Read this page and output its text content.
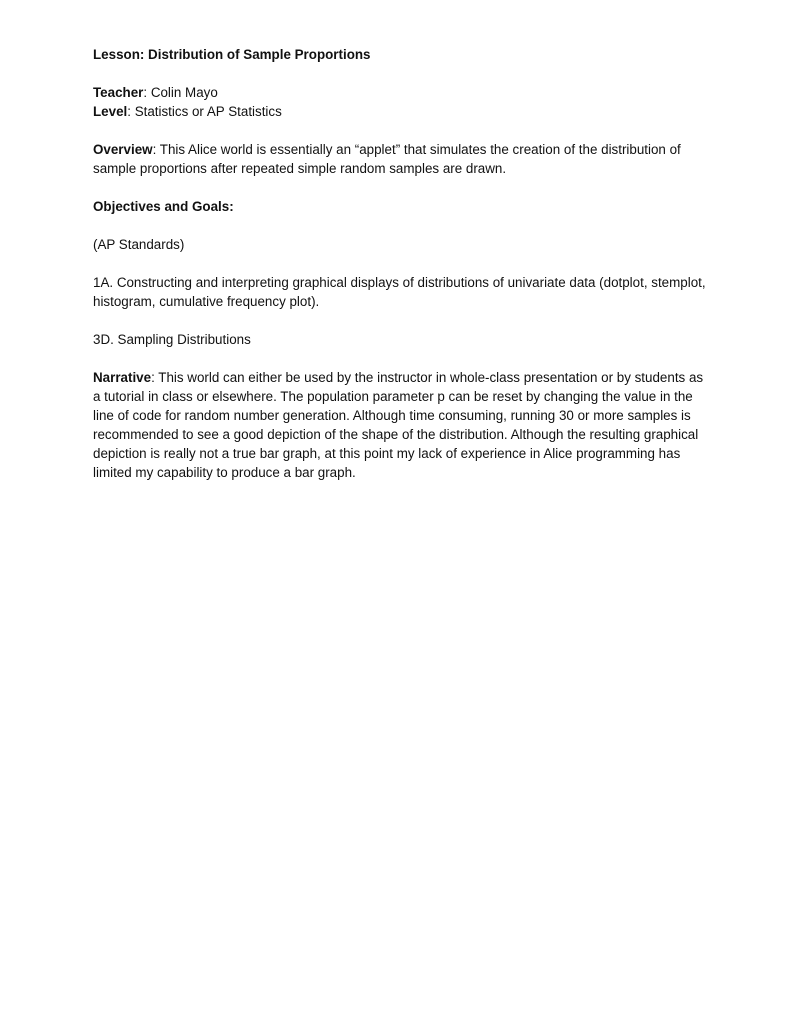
Lesson: Distribution of Sample Proportions

Teacher: Colin Mayo

Level: Statistics or AP Statistics

Overview: This Alice world is essentially an “applet” that simulates the creation of the distribution of sample proportions after repeated simple random samples are drawn.

Objectives and Goals:

(AP Standards)

1A. Constructing and interpreting graphical displays of distributions of univariate data (dotplot, stemplot, histogram, cumulative frequency plot).

3D. Sampling Distributions

Narrative: This world can either be used by the instructor in whole-class presentation or by students as a tutorial in class or elsewhere. The population parameter p can be reset by changing the value in the line of code for random number generation. Although time consuming, running 30 or more samples is recommended to see a good depiction of the shape of the distribution. Although the resulting graphical depiction is really not a true bar graph, at this point my lack of experience in Alice programming has limited my capability to produce a bar graph.
